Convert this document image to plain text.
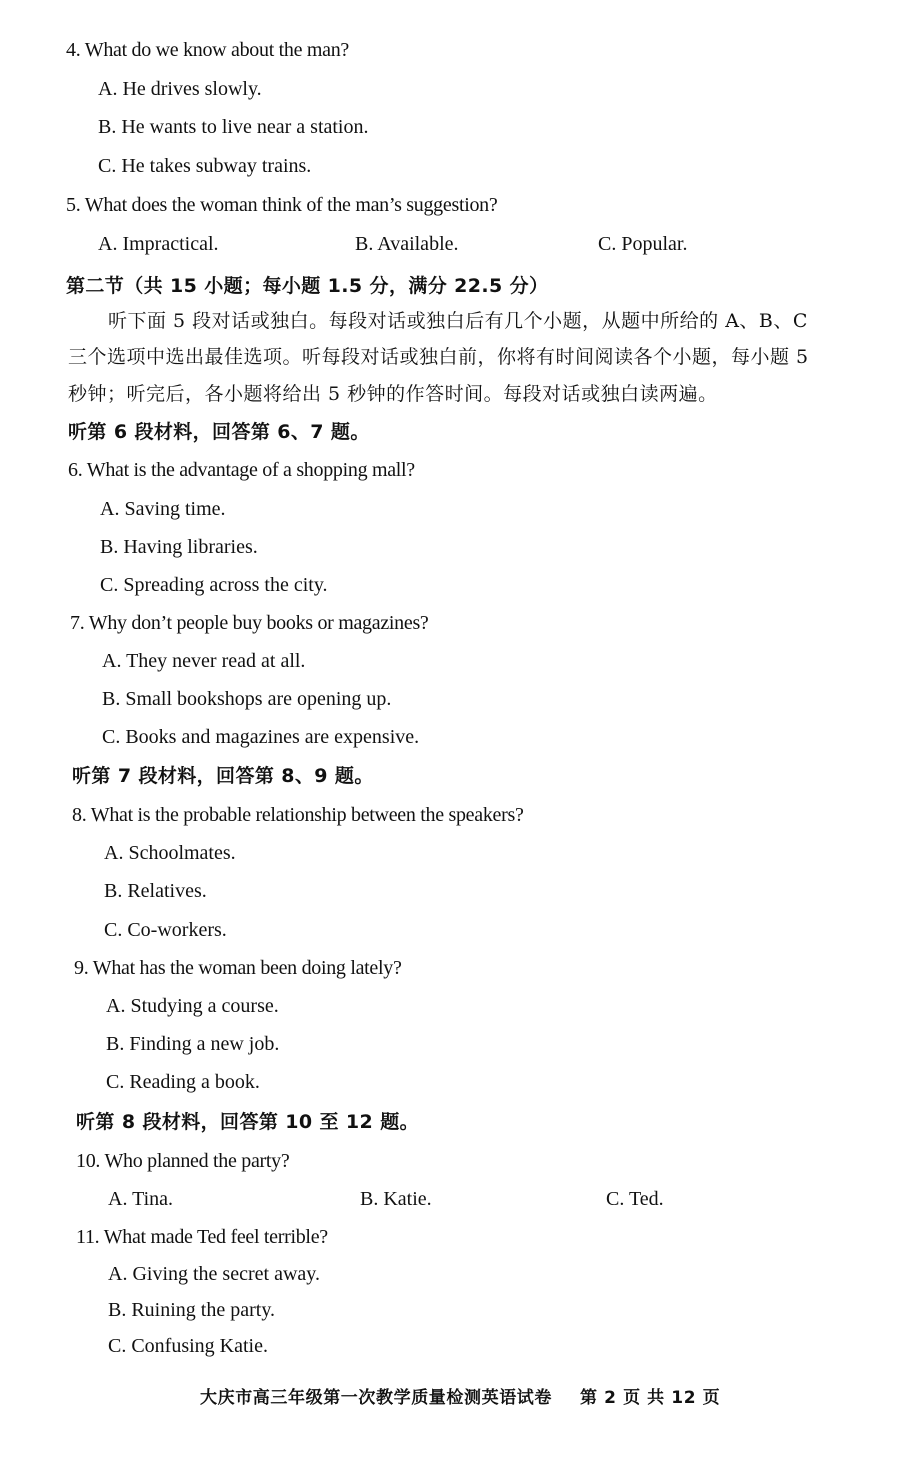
4. What do we know about the man?
A. He drives slowly.
B. He wants to live near a station.
C. He takes subway trains.
5. What does the woman think of the man’s suggestion?
A. Impractical.	B. Available.	C. Popular.
第二节（共 15 小题；每小题 1.5 分，满分 22.5 分）
听下面 5 段对话或独白。每段对话或独白后有几个小题，从题中所给的 A、B、C
三个选项中选出最佳选项。听每段对话或独白前，你将有时间阅读各个小题，每小题 5
秒钟；听完后，各小题将给出 5 秒钟的作答时间。每段对话或独白读两遍。
听第 6 段材料，回答第 6、7 题。
6. What is the advantage of a shopping mall?
A. Saving time.
B. Having libraries.
C. Spreading across the city.
7. Why don’t people buy books or magazines?
A. They never read at all.
B. Small bookshops are opening up.
C. Books and magazines are expensive.
听第 7 段材料，回答第 8、9 题。
8. What is the probable relationship between the speakers?
A. Schoolmates.
B. Relatives.
C. Co-workers.
9. What has the woman been doing lately?
A. Studying a course.
B. Finding a new job.
C. Reading a book.
听第 8 段材料，回答第 10 至 12 题。
10. Who planned the party?
A. Tina.	B. Katie.	C. Ted.
11. What made Ted feel terrible?
A. Giving the secret away.
B. Ruining the party.
C. Confusing Katie.
大庆市高三年级第一次教学质量检测英语试卷 第 2 页 共 12 页
